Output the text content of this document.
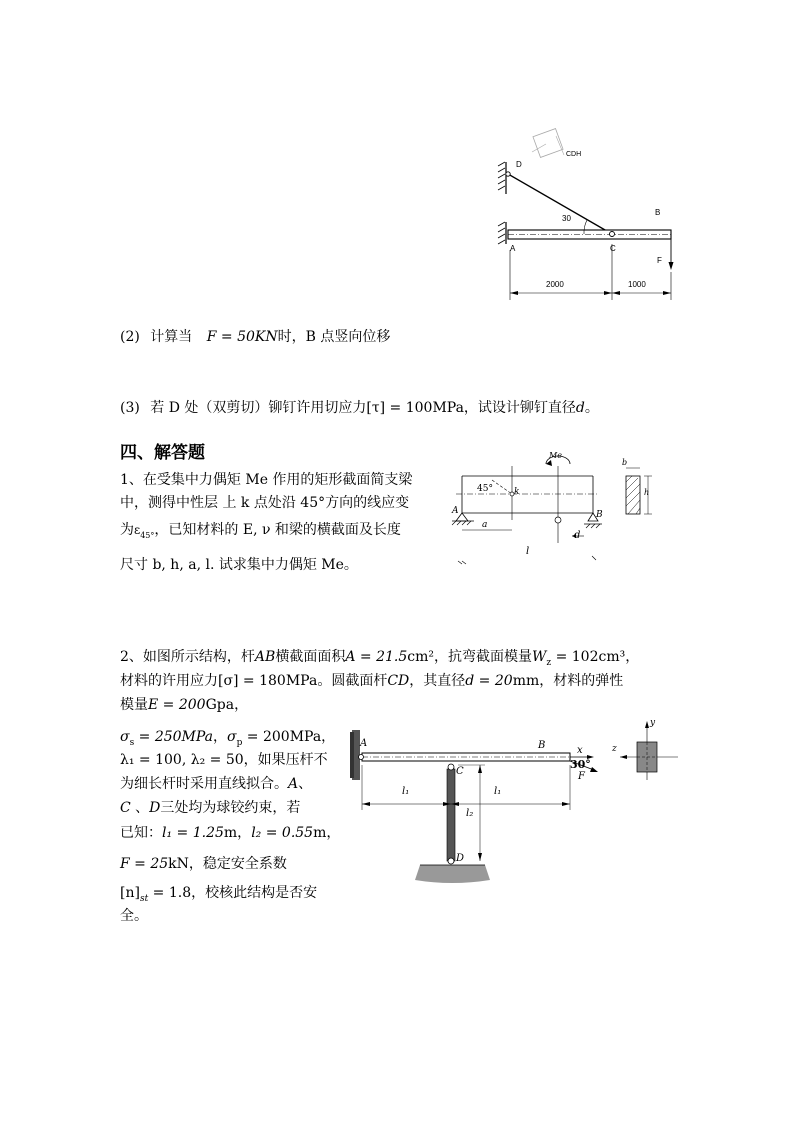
D
CDH
B
30
A	C
F
2000	1000
(2) 计算当 F = 50KN时，B 点竖向位移
(3) 若 D 处（双剪切）铆钉许用切应力[τ] = 100MPa，试设计铆钉直径d。
四、解答题
1、在受集中力偶矩 Me 作用的矩形截面简支梁
中，测得中性层 上 k 点处沿 45°方向的线应变
为$\varepsilon_{45^\circ}$，已知材料的 E, ν 和梁的横截面及长度
尺寸 b, h, a, l. 试求集中力偶矩 Me。
Me
45° k
A	B
a
d
l
b
h
2、如图所示结构，杆AB横截面面积A = 21.5cm²，抗弯截面模量$W_z = 102cm^3$，
材料的许用应力[σ] = 180MPa。圆截面杆CD，其直径d = 20mm，材料的弹性
模量E = 200Gpa，
$\sigma_s = 250MPa$，$\sigma_p = 200MPa$，
λ₁ = 100, λ₂ = 50，如果压杆不
为细长杆时采用直线拟合。A、
C 、D三处均为球铰约束，若
已知：l₁ = 1.25m，l₂ = 0.55m，
F = 25kN，稳定安全系数
$[n]_{st} = 1.8$，校核此结构是否安
全。
A	B	x
30°
F
C
D
l₁	l₁
l₂
y
z
